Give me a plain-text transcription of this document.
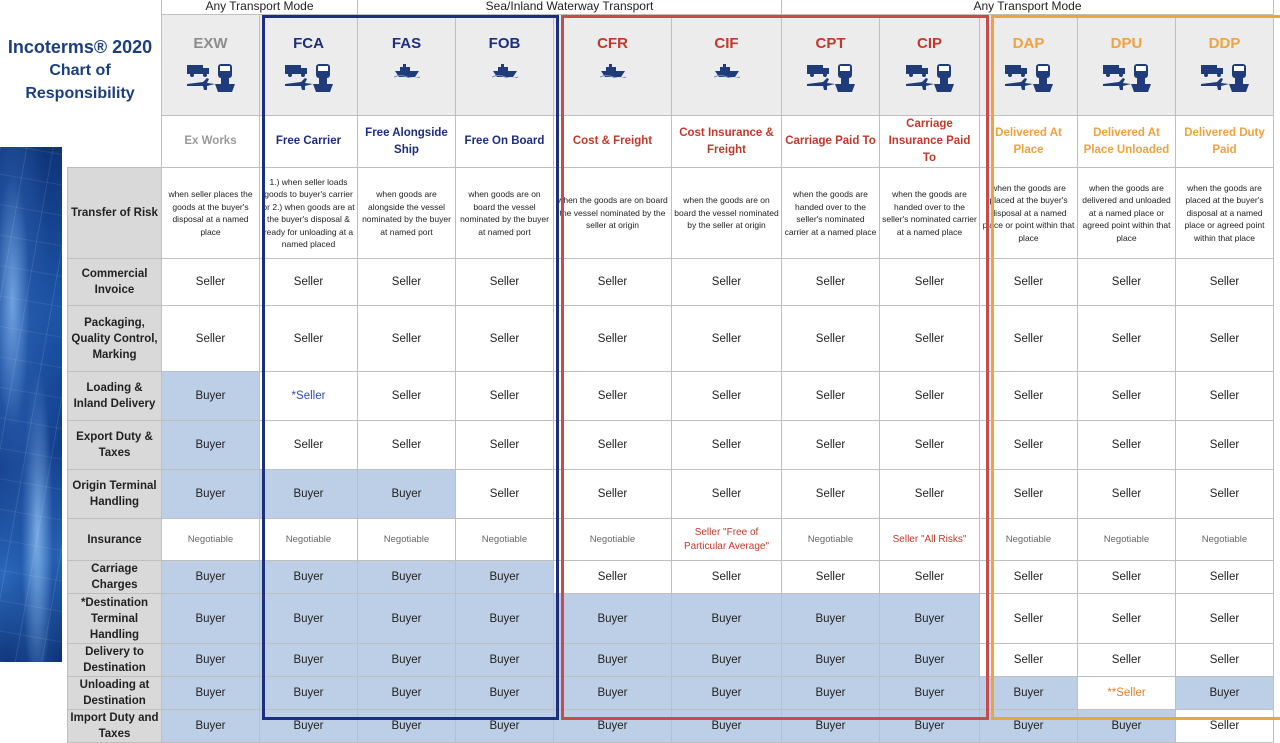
Incoterms® 2020
Chart of
Responsibility
	Any Transport Mode		Sea/Inland Waterway Transport				Any Transport Mode				

	EXW	FCA	FAS	FOB	CFR	CIF	CPT	CIP	DAP	DPU	DDP

	Ex Works	Free Carrier	Free Alongside Ship	Free On Board	Cost & Freight	Cost Insurance & Freight	Carriage Paid To	Carriage Insurance Paid To	Delivered At Place	Delivered At Place Unloaded	Delivered Duty Paid
Transfer of Risk	when seller places the goods at the buyer's disposal at a named place	1.) when seller loads goods to buyer's carrier or 2.) when goods are at the buyer's disposal & ready for unloading at a named placed	when goods are alongside the vessel nominated by the buyer at named port	when goods are on board the vessel nominated by the buyer at named port	when the goods are on board the vessel nominated by the seller at origin	when the goods are on board the vessel nominated by the seller at origin	when the goods are handed over to the seller's nominated carrier at a named place	when the goods are handed over to the seller's nominated carrier at a named place	when the goods are placed at the buyer's disposal at a named place or point within that place	when the goods are delivered and unloaded at a named place or agreed point within that place	when the goods are placed at the buyer's disposal at a named place or agreed point within that place
Commercial Invoice	Seller	Seller	Seller	Seller	Seller	Seller	Seller	Seller	Seller	Seller	Seller
Packaging, Quality Control, Marking	Seller	Seller	Seller	Seller	Seller	Seller	Seller	Seller	Seller	Seller	Seller
Loading & Inland Delivery	Buyer	*Seller	Seller	Seller	Seller	Seller	Seller	Seller	Seller	Seller	Seller
Export Duty & Taxes	Buyer	Seller	Seller	Seller	Seller	Seller	Seller	Seller	Seller	Seller	Seller
Origin Terminal Handling	Buyer	Buyer	Buyer	Seller	Seller	Seller	Seller	Seller	Seller	Seller	Seller
Insurance	Negotiable	Negotiable	Negotiable	Negotiable	Negotiable	Seller "Free of Particular Average"	Negotiable	Seller "All Risks"	Negotiable	Negotiable	Negotiable
Carriage Charges	Buyer	Buyer	Buyer	Buyer	Seller	Seller	Seller	Seller	Seller	Seller	Seller
*Destination Terminal Handling	Buyer	Buyer	Buyer	Buyer	Buyer	Buyer	Buyer	Buyer	Seller	Seller	Seller
Delivery to Destination	Buyer	Buyer	Buyer	Buyer	Buyer	Buyer	Buyer	Buyer	Seller	Seller	Seller
Unloading at Destination	Buyer	Buyer	Buyer	Buyer	Buyer	Buyer	Buyer	Buyer	Buyer	**Seller	Buyer
Import Duty and Taxes	Buyer	Buyer	Buyer	Buyer	Buyer	Buyer	Buyer	Buyer	Buyer	Buyer	Seller
